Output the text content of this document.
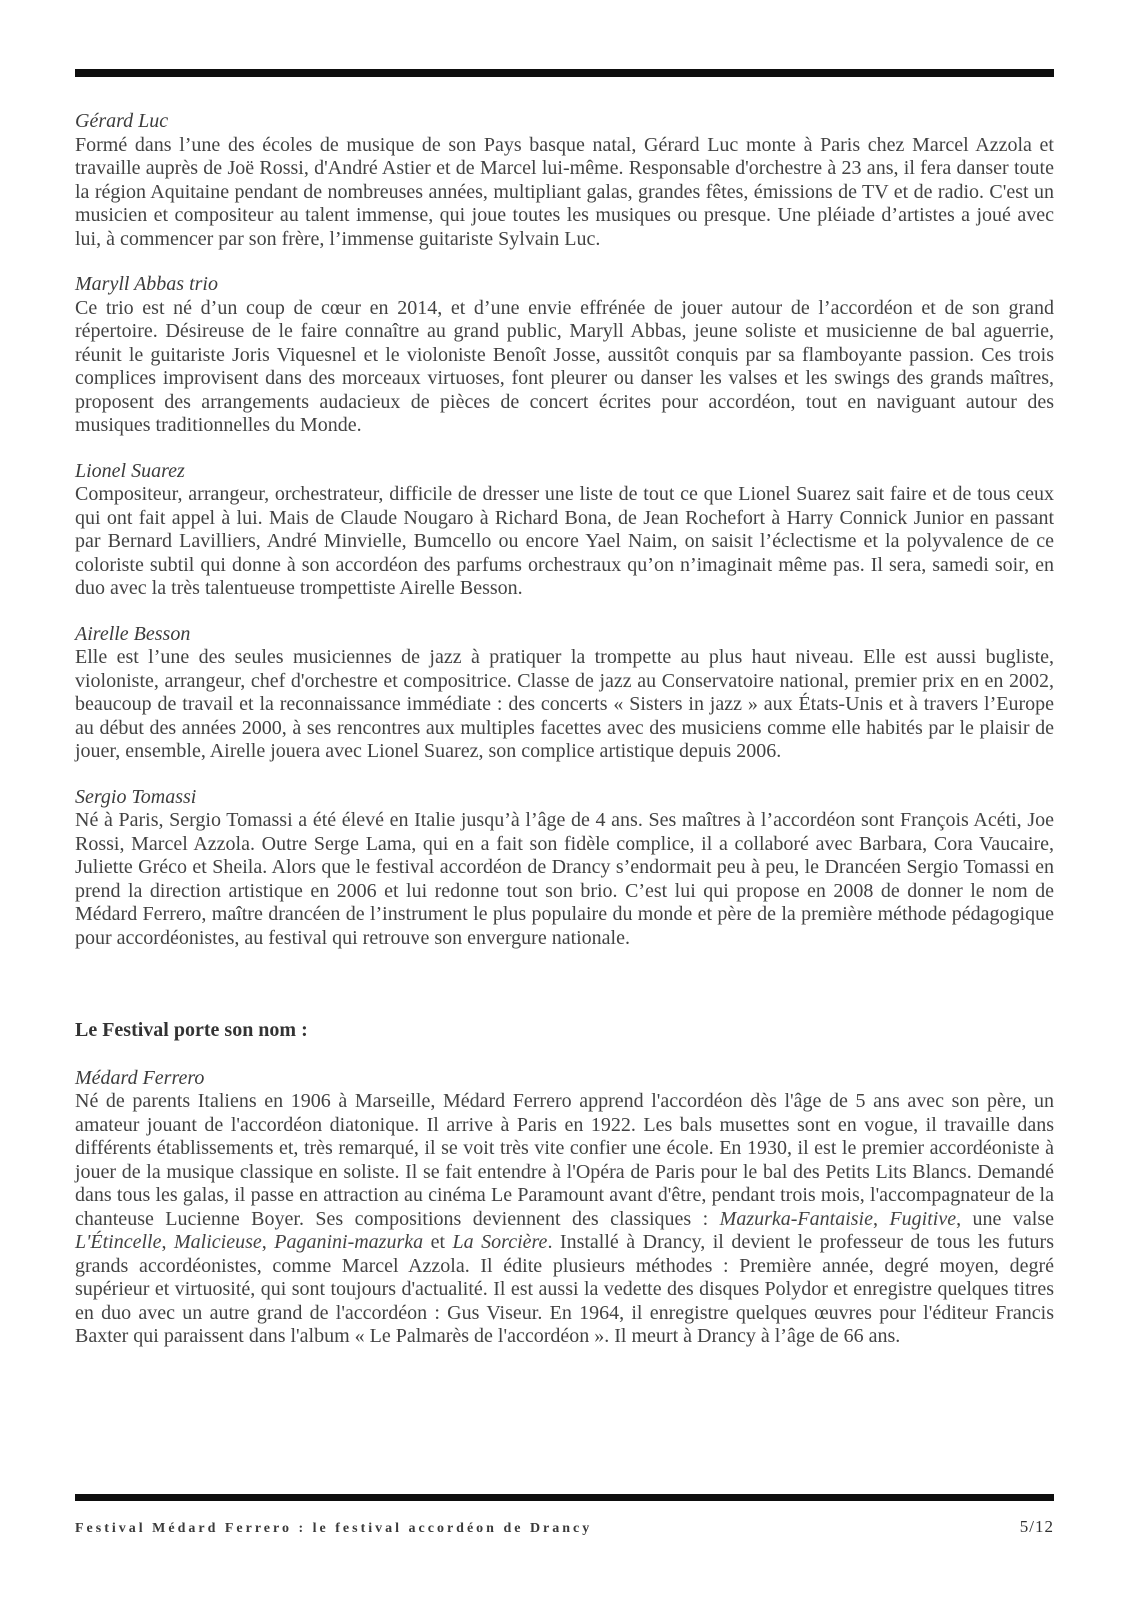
Gérard Luc

Formé dans l’une des écoles de musique de son Pays basque natal, Gérard Luc monte à Paris chez Marcel Azzola et travaille auprès de Joë Rossi, d'André Astier et de Marcel lui-même. Responsable d'orchestre à 23 ans, il fera danser toute la région Aquitaine pendant de nombreuses années, multipliant galas, grandes fêtes, émissions de TV et de radio. C'est un musicien et compositeur au talent immense, qui joue toutes les musiques ou presque. Une pléiade d’artistes a joué avec lui, à commencer par son frère, l’immense guitariste Sylvain Luc.

Maryll Abbas trio

Ce trio est né d’un coup de cœur en 2014, et d’une envie effrénée de jouer autour de l’accordéon et de son grand répertoire. Désireuse de le faire connaître au grand public, Maryll Abbas, jeune soliste et musicienne de bal aguerrie, réunit le guitariste Joris Viquesnel et le violoniste Benoît Josse, aussitôt conquis par sa flamboyante passion. Ces trois complices improvisent dans des morceaux virtuoses, font pleurer ou danser les valses et les swings des grands maîtres, proposent des arrangements audacieux de pièces de concert écrites pour accordéon, tout en naviguant autour des musiques traditionnelles du Monde.

Lionel Suarez

Compositeur, arrangeur, orchestrateur, difficile de dresser une liste de tout ce que Lionel Suarez sait faire et de tous ceux qui ont fait appel à lui. Mais de Claude Nougaro à Richard Bona, de Jean Rochefort à Harry Connick Junior en passant par Bernard Lavilliers, André Minvielle, Bumcello ou encore Yael Naim, on saisit l’éclectisme et la polyvalence de ce coloriste subtil qui donne à son accordéon des parfums orchestraux qu’on n’imaginait même pas. Il sera, samedi soir, en duo avec la très talentueuse trompettiste Airelle Besson.

Airelle Besson

Elle est l’une des seules musiciennes de jazz à pratiquer la trompette au plus haut niveau. Elle est aussi bugliste, violoniste, arrangeur, chef d'orchestre et compositrice. Classe de jazz au Conservatoire national, premier prix en en 2002, beaucoup de travail et la reconnaissance immédiate : des concerts « Sisters in jazz » aux États-Unis et à travers l’Europe au début des années 2000, à ses rencontres aux multiples facettes avec des musiciens comme elle habités par le plaisir de jouer, ensemble, Airelle jouera avec Lionel Suarez, son complice artistique depuis 2006.

Sergio Tomassi

Né à Paris, Sergio Tomassi a été élevé en Italie jusqu’à l’âge de 4 ans. Ses maîtres à l’accordéon sont François Acéti, Joe Rossi, Marcel Azzola. Outre Serge Lama, qui en a fait son fidèle complice, il a collaboré avec Barbara, Cora Vaucaire, Juliette Gréco et Sheila. Alors que le festival accordéon de Drancy s’endormait peu à peu, le Drancéen Sergio Tomassi en prend la direction artistique en 2006 et lui redonne tout son brio. C’est lui qui propose en 2008 de donner le nom de Médard Ferrero, maître drancéen de l’instrument le plus populaire du monde et père de la première méthode pédagogique pour accordéonistes, au festival qui retrouve son envergure nationale.

Le Festival porte son nom :
Médard Ferrero

Né de parents Italiens en 1906 à Marseille, Médard Ferrero apprend l'accordéon dès l'âge de 5 ans avec son père, un amateur jouant de l'accordéon diatonique. Il arrive à Paris en 1922. Les bals musettes sont en vogue, il travaille dans différents établissements et, très remarqué, il se voit très vite confier une école. En 1930, il est le premier accordéoniste à jouer de la musique classique en soliste. Il se fait entendre à l'Opéra de Paris pour le bal des Petits Lits Blancs. Demandé dans tous les galas, il passe en attraction au cinéma Le Paramount avant d'être, pendant trois mois, l'accompagnateur de la chanteuse Lucienne Boyer. Ses compositions deviennent des classiques : Mazurka-Fantaisie, Fugitive, une valse L'Étincelle, Malicieuse, Paganini-mazurka et La Sorcière. Installé à Drancy, il devient le professeur de tous les futurs grands accordéonistes, comme Marcel Azzola. Il édite plusieurs méthodes : Première année, degré moyen, degré supérieur et virtuosité, qui sont toujours d'actualité. Il est aussi la vedette des disques Polydor et enregistre quelques titres en duo avec un autre grand de l'accordéon : Gus Viseur. En 1964, il enregistre quelques œuvres pour l'éditeur Francis Baxter qui paraissent dans l'album « Le Palmarès de l'accordéon ». Il meurt à Drancy à l’âge de 66 ans.

Festival Médard Ferrero : le festival accordéon de Drancy	5/12
